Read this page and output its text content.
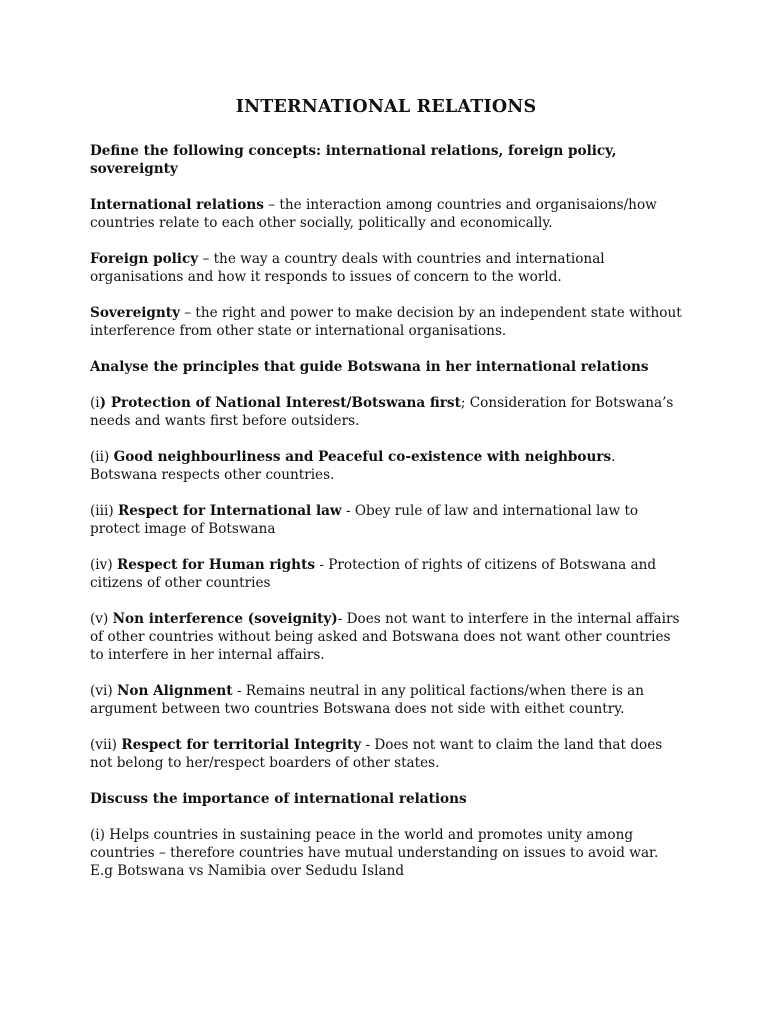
INTERNATIONAL RELATIONS
Define the following concepts: international relations, foreign policy, sovereignty
International relations – the interaction among countries and organisaions/how countries relate to each other socially, politically and economically.
Foreign policy – the way a country deals with countries and international organisations and how it responds to issues of concern to the world.
Sovereignty – the right and power to make decision by an independent state without interference from other state or international organisations.
Analyse the principles that guide Botswana in her international relations
(i) Protection of National Interest/Botswana first; Consideration for Botswana’s needs and wants first before outsiders.
(ii) Good neighbourliness and Peaceful co-existence with neighbours. Botswana respects other countries.
(iii) Respect for International law - Obey rule of law and international law to protect image of Botswana
(iv) Respect for Human rights - Protection of rights of citizens of Botswana and citizens of other countries
(v) Non interference (soveignity)- Does not want to interfere in the internal affairs of other countries without being asked and Botswana does not want other countries to interfere in her internal affairs.
(vi) Non Alignment - Remains neutral in any political factions/when there is an argument between two countries Botswana does not side with eithet country.
(vii) Respect for territorial Integrity - Does not want to claim the land that does not belong to her/respect boarders of other states.
Discuss the importance of international relations
(i) Helps countries in sustaining peace in the world and promotes unity among countries – therefore countries have mutual understanding on issues to avoid war. E.g Botswana vs Namibia over Sedudu Island
